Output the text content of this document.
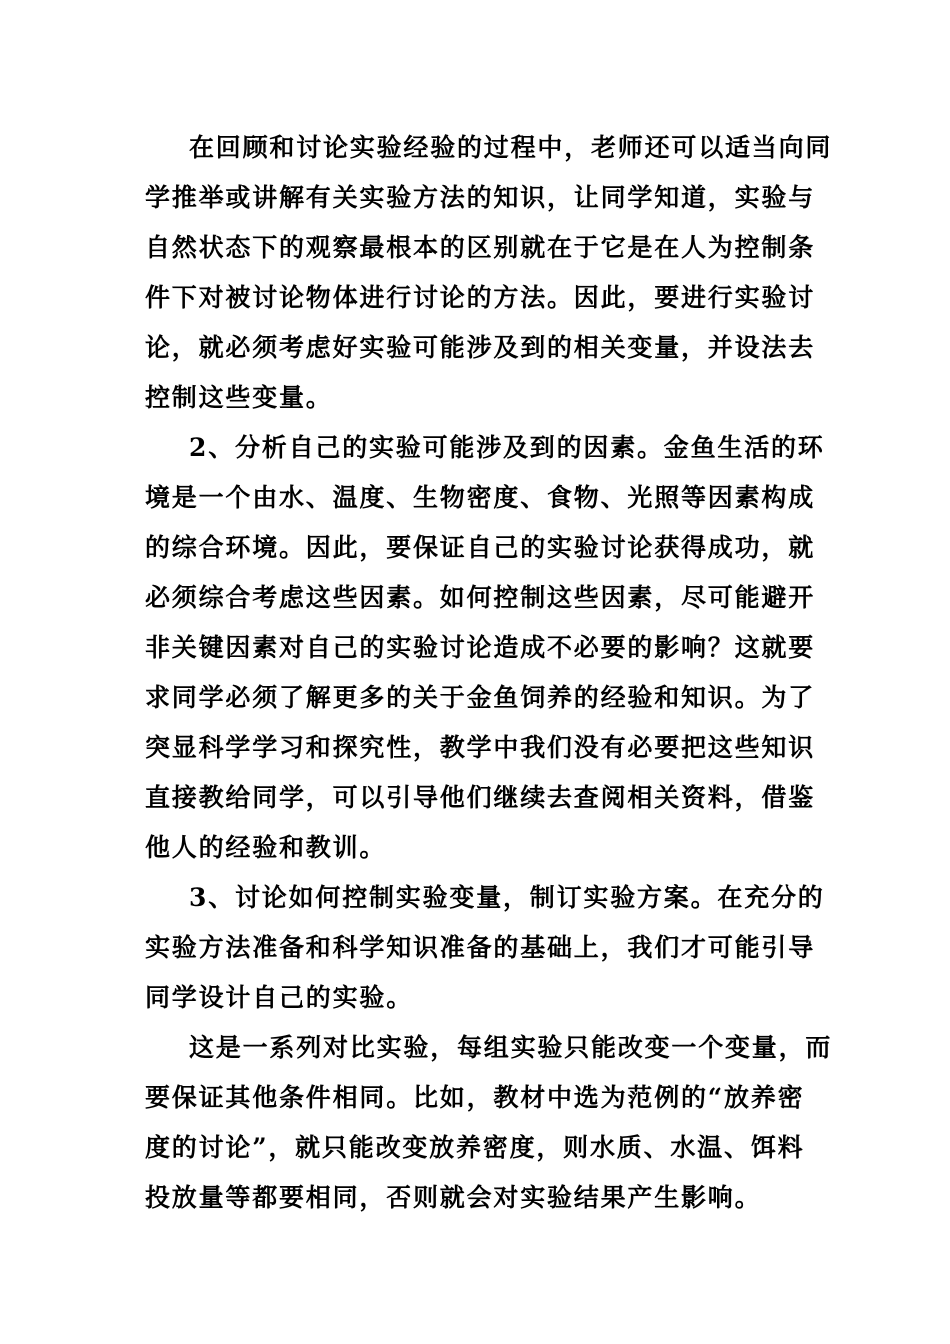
在回顾和讨论实验经验的过程中，老师还可以适当向同
学推举或讲解有关实验方法的知识，让同学知道，实验与
自然状态下的观察最根本的区别就在于它是在人为控制条
件下对被讨论物体进行讨论的方法。因此，要进行实验讨
论，就必须考虑好实验可能涉及到的相关变量，并设法去
控制这些变量。
2、分析自己的实验可能涉及到的因素。金鱼生活的环
境是一个由水、温度、生物密度、食物、光照等因素构成
的综合环境。因此，要保证自己的实验讨论获得成功，就
必须综合考虑这些因素。如何控制这些因素，尽可能避开
非关键因素对自己的实验讨论造成不必要的影响？这就要
求同学必须了解更多的关于金鱼饲养的经验和知识。为了
突显科学学习和探究性，教学中我们没有必要把这些知识
直接教给同学，可以引导他们继续去查阅相关资料，借鉴
他人的经验和教训。
3、讨论如何控制实验变量，制订实验方案。在充分的
实验方法准备和科学知识准备的基础上，我们才可能引导
同学设计自己的实验。
这是一系列对比实验，每组实验只能改变一个变量，而
要保证其他条件相同。比如，教材中选为范例的“放养密
度的讨论”，就只能改变放养密度，则水质、水温、饵料
投放量等都要相同，否则就会对实验结果产生影响。
